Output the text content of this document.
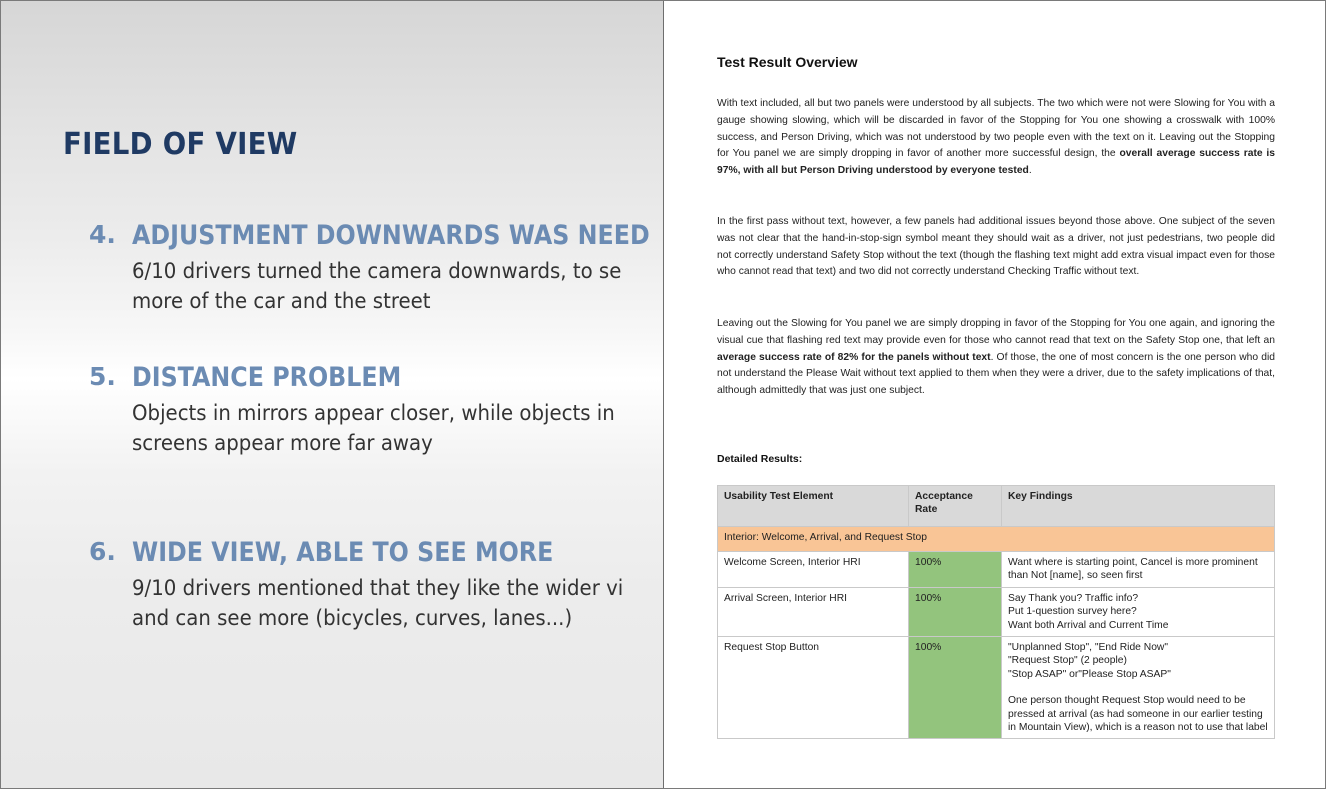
FIELD OF VIEW
4. ADJUSTMENT DOWNWARDS WAS NEED
6/10 drivers turned the camera downwards, to se
more of the car and the street
5. DISTANCE PROBLEM
Objects in mirrors appear closer, while objects in
screens appear more far away
6. WIDE VIEW, ABLE TO SEE MORE
9/10 drivers mentioned that they like the wider vi
and can see more (bicycles, curves, lanes...)
Test Result Overview
With text included, all but two panels were understood by all subjects. The two which were not were Slowing for You with a gauge showing slowing, which will be discarded in favor of the Stopping for You one showing a crosswalk with 100% success, and Person Driving, which was not understood by two people even with the text on it. Leaving out the Stopping for You panel we are simply dropping in favor of another more successful design, the overall average success rate is 97%, with all but Person Driving understood by everyone tested.
In the first pass without text, however, a few panels had additional issues beyond those above. One subject of the seven was not clear that the hand-in-stop-sign symbol meant they should wait as a driver, not just pedestrians, two people did not correctly understand Safety Stop without the text (though the flashing text might add extra visual impact even for those who cannot read that text) and two did not correctly understand Checking Traffic without text.
Leaving out the Slowing for You panel we are simply dropping in favor of the Stopping for You one again, and ignoring the visual cue that flashing red text may provide even for those who cannot read that text on the Safety Stop one, that left an average success rate of 82% for the panels without text. Of those, the one of most concern is the one person who did not understand the Please Wait without text applied to them when they were a driver, due to the safety implications of that, although admittedly that was just one subject.
Detailed Results:
Usability Test Element	Acceptance Rate	Key Findings
Interior: Welcome, Arrival, and Request Stop		
Welcome Screen, Interior HRI	100%	Want where is starting point, Cancel is more prominent than Not [name], so seen first

Arrival Screen, Interior HRI	100%	Say Thank you? Traffic info?
Put 1-question survey here?
Want both Arrival and Current Time

Request Stop Button	100%	"Unplanned Stop", "End Ride Now"
"Request Stop" (2 people)
"Stop ASAP" or"Please Stop ASAP"
One person thought Request Stop would need to be pressed at arrival (as had someone in our earlier testing in Mountain View), which is a reason not to use that label
